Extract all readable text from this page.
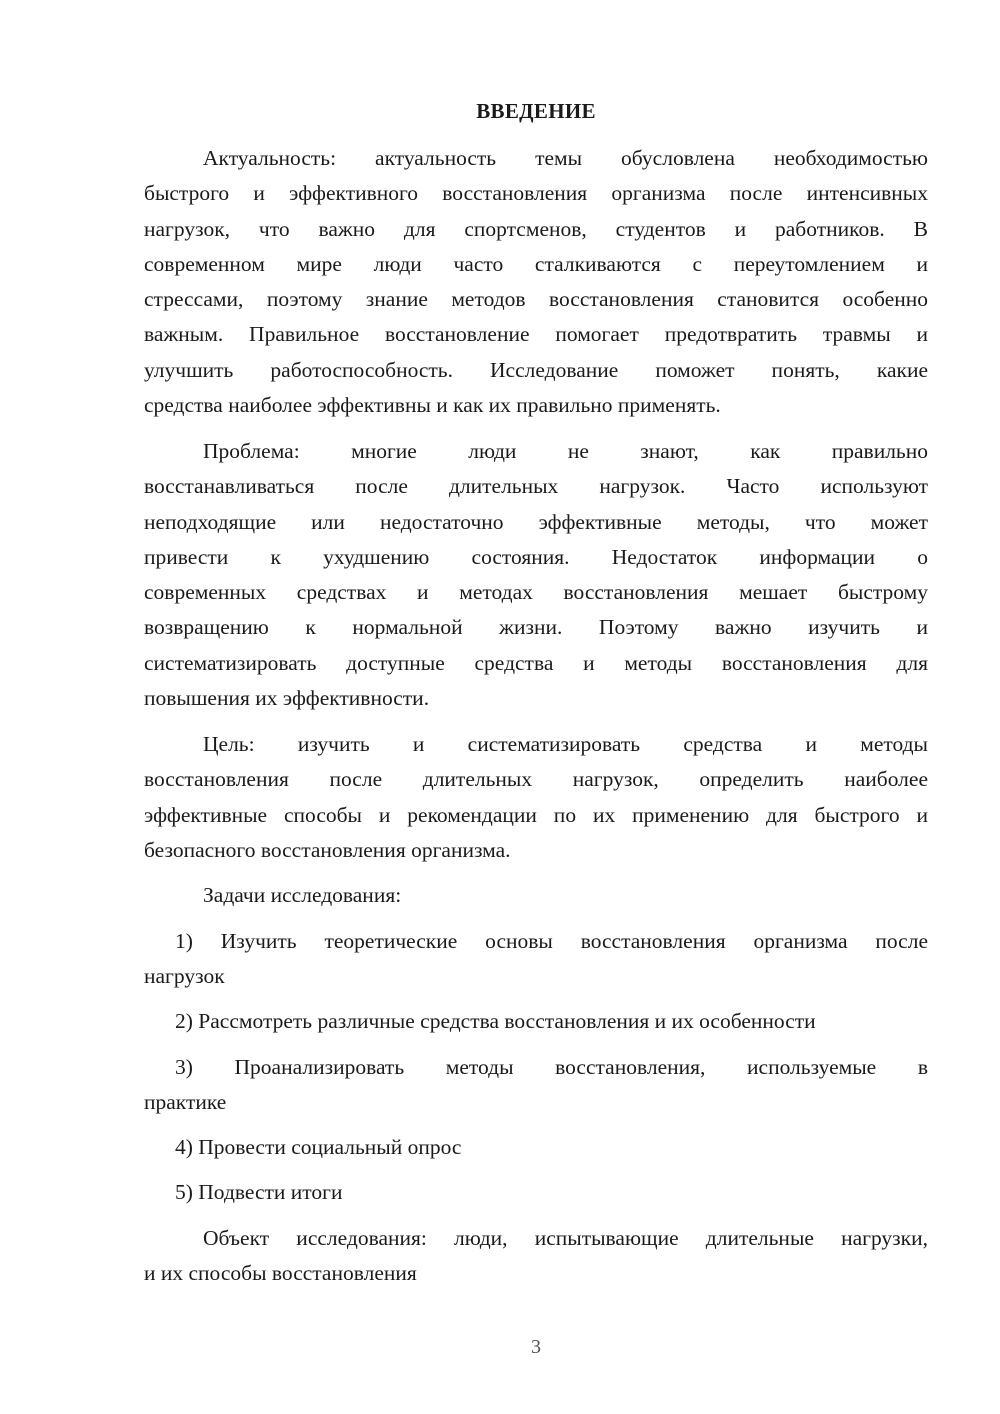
ВВЕДЕНИЕ
Актуальность: актуальность темы обусловлена необходимостью
быстрого и эффективного восстановления организма после интенсивных
нагрузок, что важно для спортсменов, студентов и работников. В
современном мире люди часто сталкиваются с переутомлением и
стрессами, поэтому знание методов восстановления становится особенно
важным. Правильное восстановление помогает предотвратить травмы и
улучшить работоспособность. Исследование поможет понять, какие
средства наиболее эффективны и как их правильно применять.
Проблема: многие люди не знают, как правильно
восстанавливаться после длительных нагрузок. Часто используют
неподходящие или недостаточно эффективные методы, что может
привести к ухудшению состояния. Недостаток информации о
современных средствах и методах восстановления мешает быстрому
возвращению к нормальной жизни. Поэтому важно изучить и
систематизировать доступные средства и методы восстановления для
повышения их эффективности.
Цель: изучить и систематизировать средства и методы
восстановления после длительных нагрузок, определить наиболее
эффективные способы и рекомендации по их применению для быстрого и
безопасного восстановления организма.
Задачи исследования:
1) Изучить теоретические основы восстановления организма после
нагрузок
2) Рассмотреть различные средства восстановления и их особенности
3) Проанализировать методы восстановления, используемые в
практике
4) Провести социальный опрос
5) Подвести итоги
Объект исследования: люди, испытывающие длительные нагрузки,
и их способы восстановления
3
